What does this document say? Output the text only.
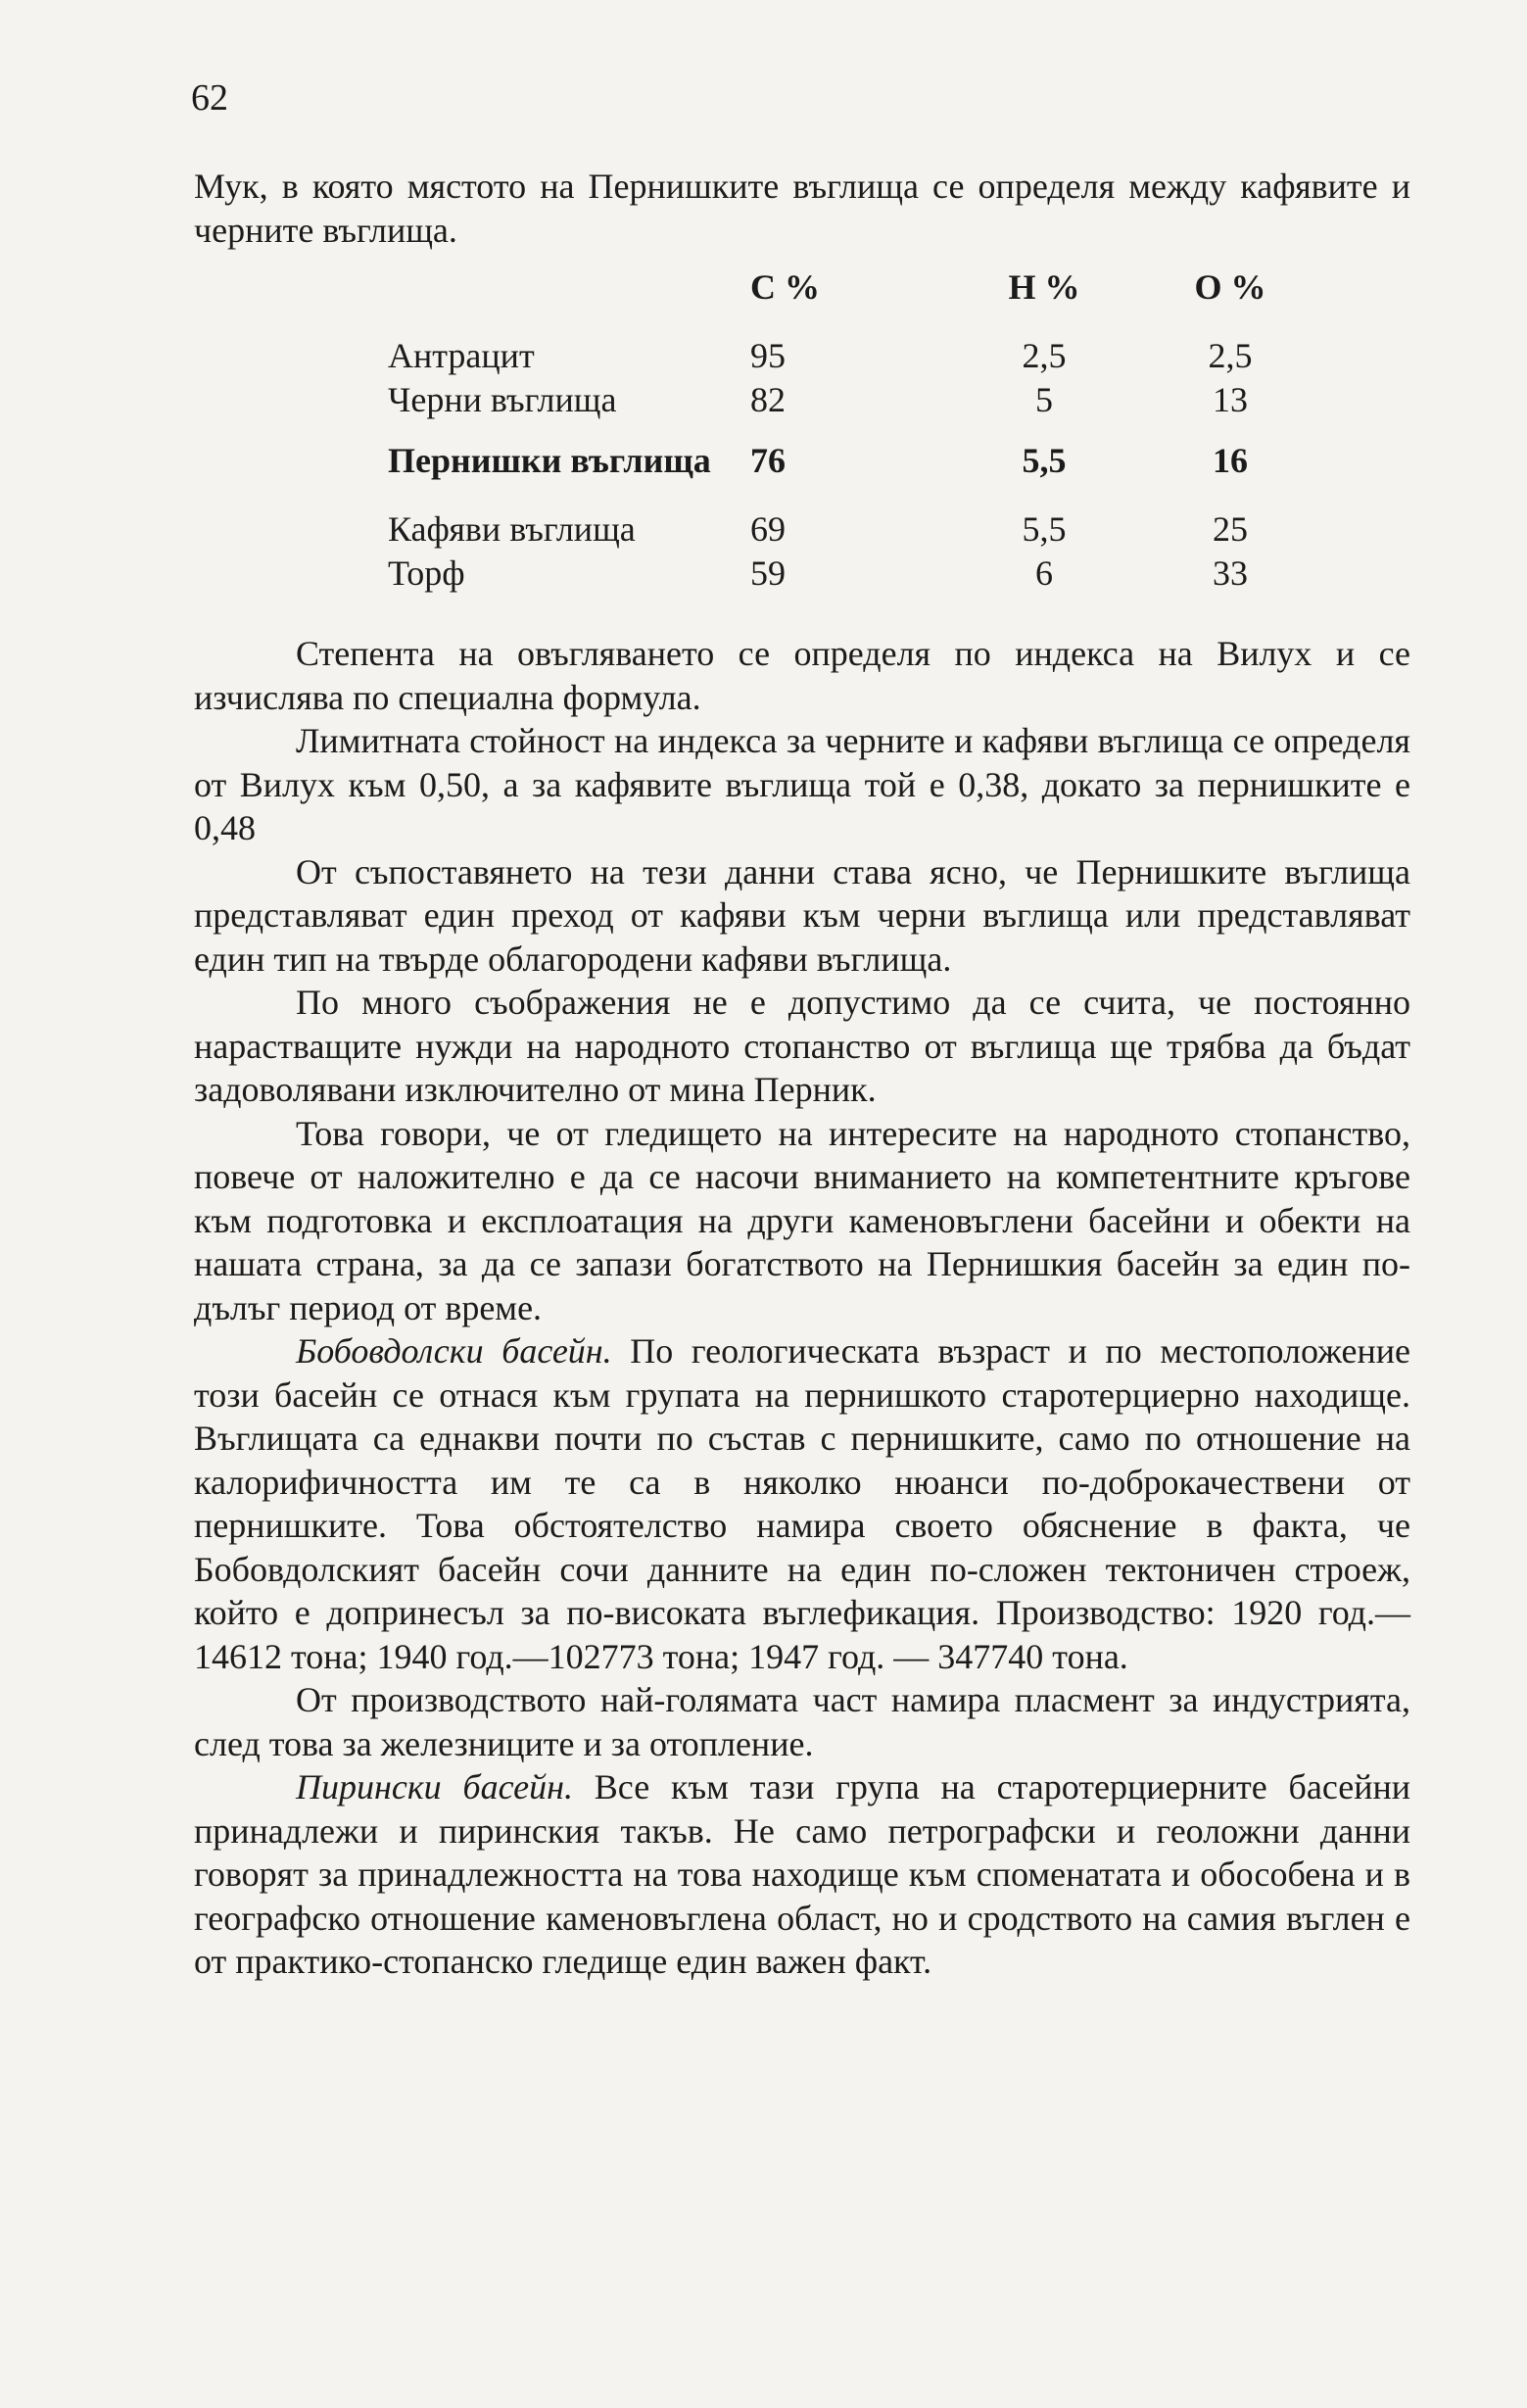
62

Мук, в която мястото на Пернишките въглища се определя между кафявите и черните въглища.

	C %	H %	O %
Антрацит	95	2,5	2,5
Черни въглища	82	5	13
Пернишки въглища	76	5,5	16
Кафяви въглища	69	5,5	25
Торф	59	6	33

Степента на овъгляването се определя по индекса на Вилух и се изчислява по специална формула.

Лимитната стойност на индекса за черните и кафяви въглища се определя от Вилух към 0,50, а за кафявите въглища той е 0,38, докато за пернишките е 0,48

От съпоставянето на тези данни става ясно, че Пернишките въглища представляват един преход от кафяви към черни въглища или представляват един тип на твърде облагородени кафяви въглища.

По много съображения не е допустимо да се счита, че постоянно нарастващите нужди на народното стопанство от въглища ще трябва да бъдат задоволявани изключително от мина Перник.

Това говори, че от гледището на интересите на народното стопанство, повече от наложително е да се насочи вниманието на компетентните кръгове към подготовка и експлоатация на други каменовъглени басейни и обекти на нашата страна, за да се запази богатството на Пернишкия басейн за един по-дълъг период от време.

Бобовдолски басейн. По геологическата възраст и по местоположение този басейн се отнася към групата на пернишкото старотерциерно находище. Въглищата са еднакви почти по състав с пернишките, само по отношение на калорифичността им те са в няколко нюанси по-доброкачествени от пернишките. Това обстоятелство намира своето обяснение в факта, че Бобовдолският басейн сочи данните на един по-сложен тектоничен строеж, който е допринесъл за по-високата въглефикация. Производство: 1920 год.—14612 тона; 1940 год.—102773 тона; 1947 год. — 347740 тона.

От производството най-голямата част намира пласмент за индустрията, след това за железниците и за отопление.

Пирински басейн. Все към тази група на старотерциерните басейни принадлежи и пиринския такъв. Не само петрографски и геоложни данни говорят за принадлежността на това находище към споменатата и обособена и в географско отношение каменовъглена област, но и сродството на самия въглен е от практико-стопанско гледище един важен факт.
